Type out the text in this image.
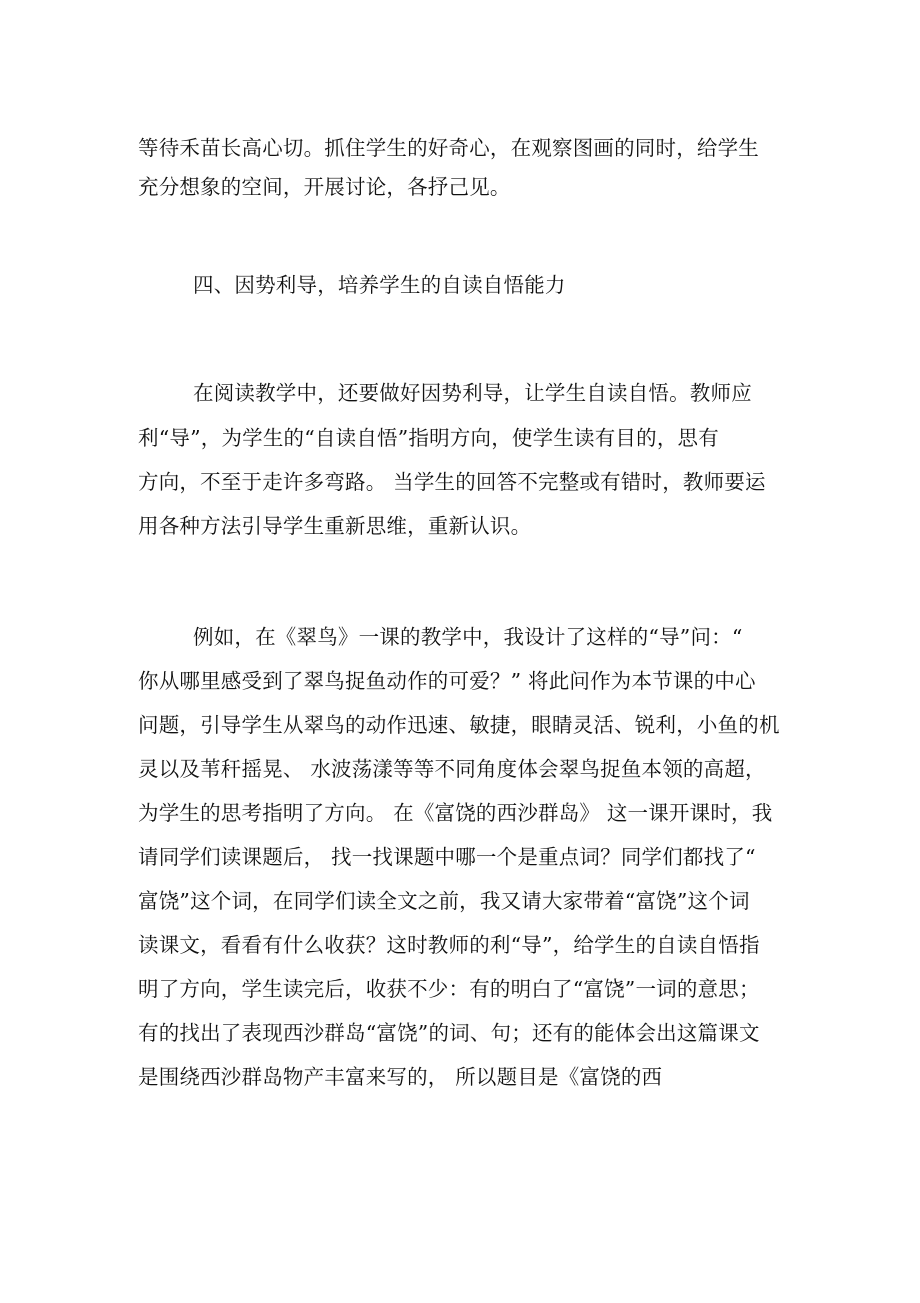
等待禾苗长高心切。抓住学生的好奇心，在观察图画的同时，给学生
充分想象的空间，开展讨论，各抒己见。
四、因势利导，培养学生的自读自悟能力
在阅读教学中，还要做好因势利导，让学生自读自悟。教师应
利“导”，为学生的“自读自悟”指明方向，使学生读有目的，思有
方向，不至于走许多弯路。 当学生的回答不完整或有错时，教师要运
用各种方法引导学生重新思维，重新认识。
例如，在《翠鸟》一课的教学中，我设计了这样的“导”问：“
你从哪里感受到了翠鸟捉鱼动作的可爱？” 将此问作为本节课的中心
问题，引导学生从翠鸟的动作迅速、敏捷，眼睛灵活、锐利，小鱼的机
灵以及苇秆摇晃、 水波荡漾等等不同角度体会翠鸟捉鱼本领的高超，
为学生的思考指明了方向。 在《富饶的西沙群岛》 这一课开课时，我
请同学们读课题后， 找一找课题中哪一个是重点词？同学们都找了“
富饶”这个词，在同学们读全文之前，我又请大家带着“富饶”这个词
读课文，看看有什么收获？这时教师的利“导”，给学生的自读自悟指
明了方向，学生读完后，收获不少：有的明白了“富饶”一词的意思；
有的找出了表现西沙群岛“富饶”的词、句；还有的能体会出这篇课文
是围绕西沙群岛物产丰富来写的， 所以题目是《富饶的西
